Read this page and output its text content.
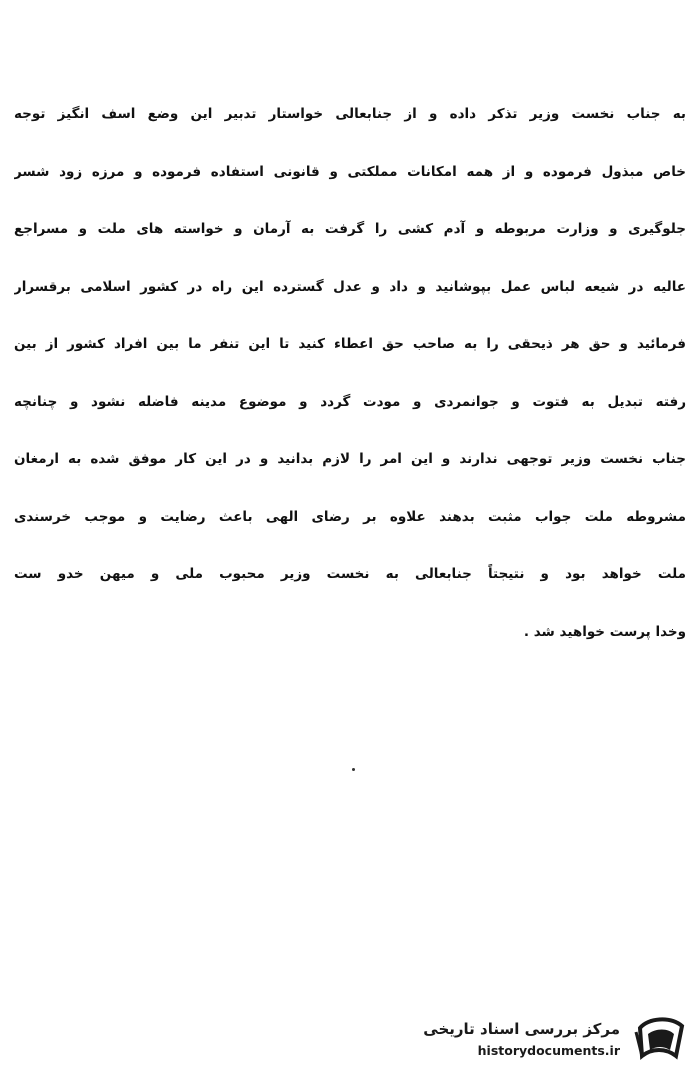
به جناب نخست وزیر تذکر داده و از جنابعالی خواستار تدبیر این وضع اسف انگیز توجه
خاص مبذول فرموده و از همه امکانات مملکتی و قانونی استفاده فرموده و مرزه زود شسر
جلوگیری و وزارت مربوطه و آدم کشی را گرفت به آرمان و خواسته های ملت و مسراجع
عالیه در شیعه لباس عمل بپوشانید و داد و عدل گسترده این راه در کشور اسلامی برقسرار
فرمائید و حق هر ذیحقی را به صاحب حق اعطاء کنید تا این تنفر ما بین افراد کشور از بین
رفته تبدیل به فتوت و جوانمردی و مودت گردد و موضوع مدینه فاضله نشود و چنانچه
جناب نخست وزیر توجهی ندارند و این امر را لازم بدانید و در این کار موفق شده به ارمغان
مشروطه ملت جواب مثبت بدهند علاوه بر رضای الهی باعث رضایت و موجب خرسندی
ملت خواهد بود و نتیجتاً جنابعالی به نخست وزیر محبوب ملی و میهن خدو ست
وخدا پرست خواهید شد .
مرکز بررسی اسناد تاریخی
historydocuments.ir
